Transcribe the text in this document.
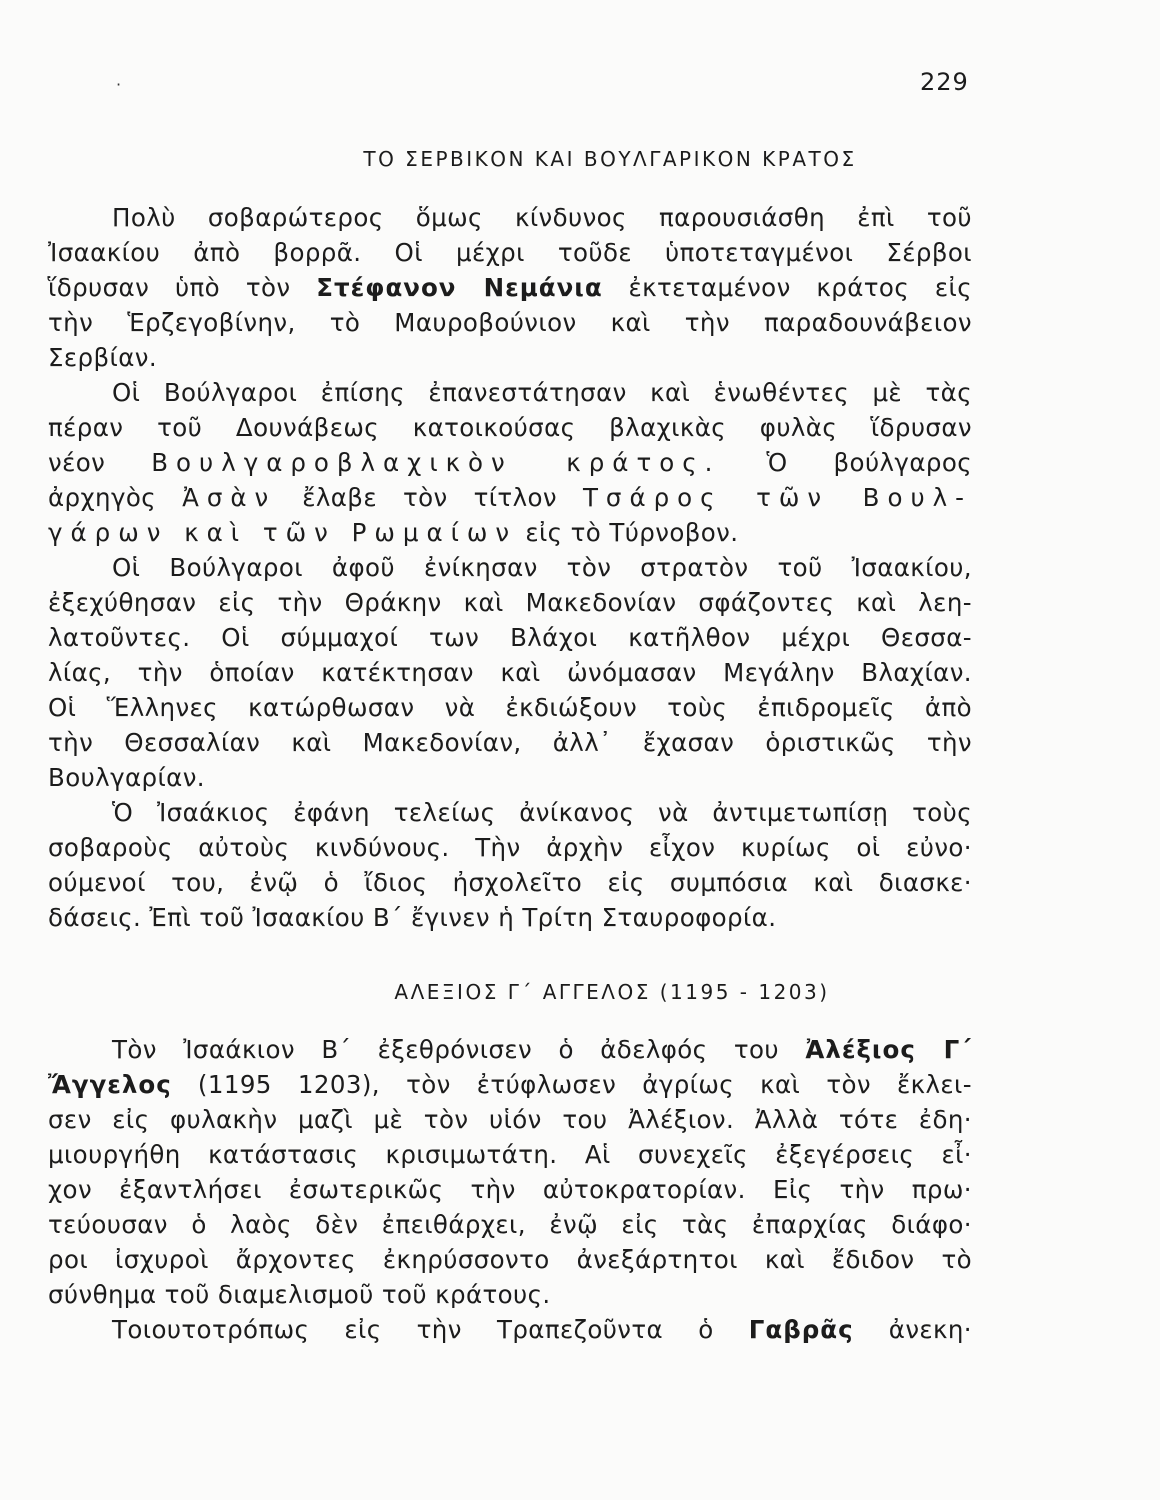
·	229
ΤΟ ΣΕΡΒΙΚΟΝ ΚΑΙ ΒΟΥΛΓΑΡΙΚΟΝ ΚΡΑΤΟΣ
Πολὺ σοβαρώτερος ὅμως κίνδυνος παρουσιάσθη ἐπὶ τοῦ
Ἰσαακίου ἀπὸ βορρᾶ. Οἱ μέχρι τοῦδε ὑποτεταγμένοι Σέρβοι
ἵδρυσαν ὑπὸ τὸν Στέφανον Νεμάνια ἐκτεταμένον κράτος εἰς
τὴν Ἑρζεγοβίνην, τὸ Μαυροβούνιον καὶ τὴν παραδουνάβειον
Σερβίαν.
Οἱ Βούλγαροι ἐπίσης ἐπανεστάτησαν καὶ ἑνωθέντες μὲ τὰς
πέραν τοῦ Δουνάβεως κατοικούσας βλαχικὰς φυλὰς ἵδρυσαν
νέον Βουλγαροβλαχικὸν κράτος. Ὁ βούλγαρος
ἀρχηγὸς Ἀσὰν ἔλαβε τὸν τίτλον Τσάρος τῶν Βουλ-
γάρων καὶ τῶν Ρωμαίων εἰς τὸ Τύρνοβον.
Οἱ Βούλγαροι ἀφοῦ ἐνίκησαν τὸν στρατὸν τοῦ Ἰσαακίου,
ἐξεχύθησαν εἰς τὴν Θράκην καὶ Μακεδονίαν σφάζοντες καὶ λεη-
λατοῦντες. Οἱ σύμμαχοί των Βλάχοι κατῆλθον μέχρι Θεσσα-
λίας, τὴν ὁποίαν κατέκτησαν καὶ ὠνόμασαν Μεγάλην Βλαχίαν.
Οἱ Ἕλληνες κατώρθωσαν νὰ ἐκδιώξουν τοὺς ἐπιδρομεῖς ἀπὸ
τὴν Θεσσαλίαν καὶ Μακεδονίαν, ἀλλ᾽ ἔχασαν ὁριστικῶς τὴν
Βουλγαρίαν.
Ὁ Ἰσαάκιος ἐφάνη τελείως ἀνίκανος νὰ ἀντιμετωπίσῃ τοὺς
σοβαροὺς αὐτοὺς κινδύνους. Τὴν ἀρχὴν εἶχον κυρίως οἱ εὐνο·
ούμενοί του, ἐνῷ ὁ ἴδιος ἠσχολεῖτο εἰς συμπόσια καὶ διασκε·
δάσεις. Ἐπὶ τοῦ Ἰσαακίου Β΄ ἔγινεν ἡ Τρίτη Σταυροφορία.
ΑΛΕΞΙΟΣ Γ΄ ΑΓΓΕΛΟΣ (1195 - 1203)
Τὸν Ἰσαάκιον Β΄ ἐξεθρόνισεν ὁ ἀδελφός του Ἀλέξιος Γ΄
Ἄγγελος (1195 1203), τὸν ἐτύφλωσεν ἀγρίως καὶ τὸν ἔκλει-
σεν εἰς φυλακὴν μαζὶ μὲ τὸν υἱόν του Ἀλέξιον. Ἀλλὰ τότε ἐδη·
μιουργήθη κατάστασις κρισιμωτάτη. Αἱ συνεχεῖς ἐξεγέρσεις εἶ·
χον ἐξαντλήσει ἐσωτερικῶς τὴν αὐτοκρατορίαν. Εἰς τὴν πρω·
τεύουσαν ὁ λαὸς δὲν ἐπειθάρχει, ἐνῷ εἰς τὰς ἐπαρχίας διάφο·
ροι ἰσχυροὶ ἄρχοντες ἐκηρύσσοντο ἀνεξάρτητοι καὶ ἔδιδον τὸ
σύνθημα τοῦ διαμελισμοῦ τοῦ κράτους.
Τοιουτοτρόπως εἰς τὴν Τραπεζοῦντα ὁ Γαβρᾶς ἀνεκη·
